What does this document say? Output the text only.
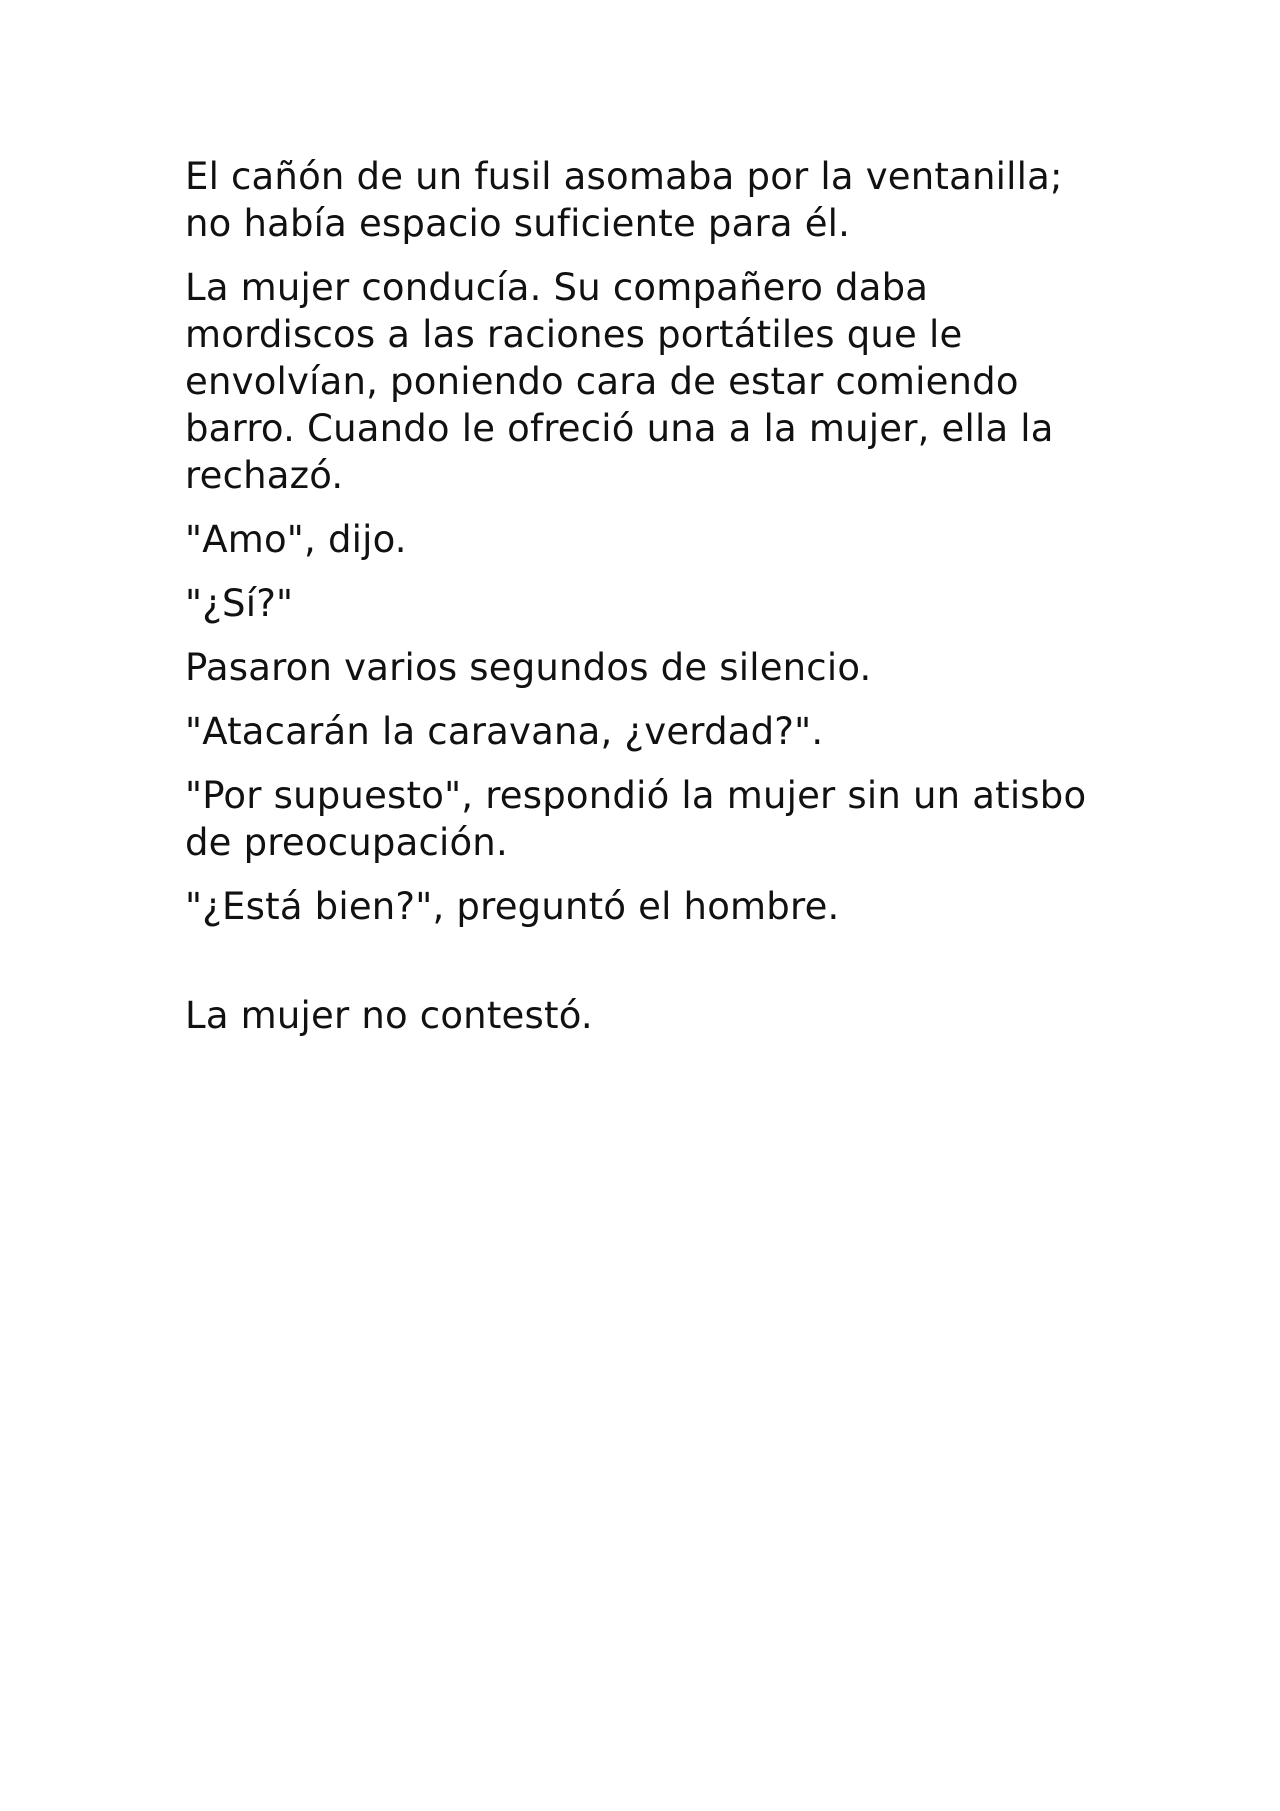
El cañón de un fusil asomaba por la ventanilla; no había espacio suficiente para él.

La mujer conducía. Su compañero daba mordiscos a las raciones portátiles que le envolvían, poniendo cara de estar comiendo barro. Cuando le ofreció una a la mujer, ella la rechazó.

"Amo", dijo.

"¿Sí?"

Pasaron varios segundos de silencio.

"Atacarán la caravana, ¿verdad?".

"Por supuesto", respondió la mujer sin un atisbo de preocupación.

"¿Está bien?", preguntó el hombre.

La mujer no contestó.
